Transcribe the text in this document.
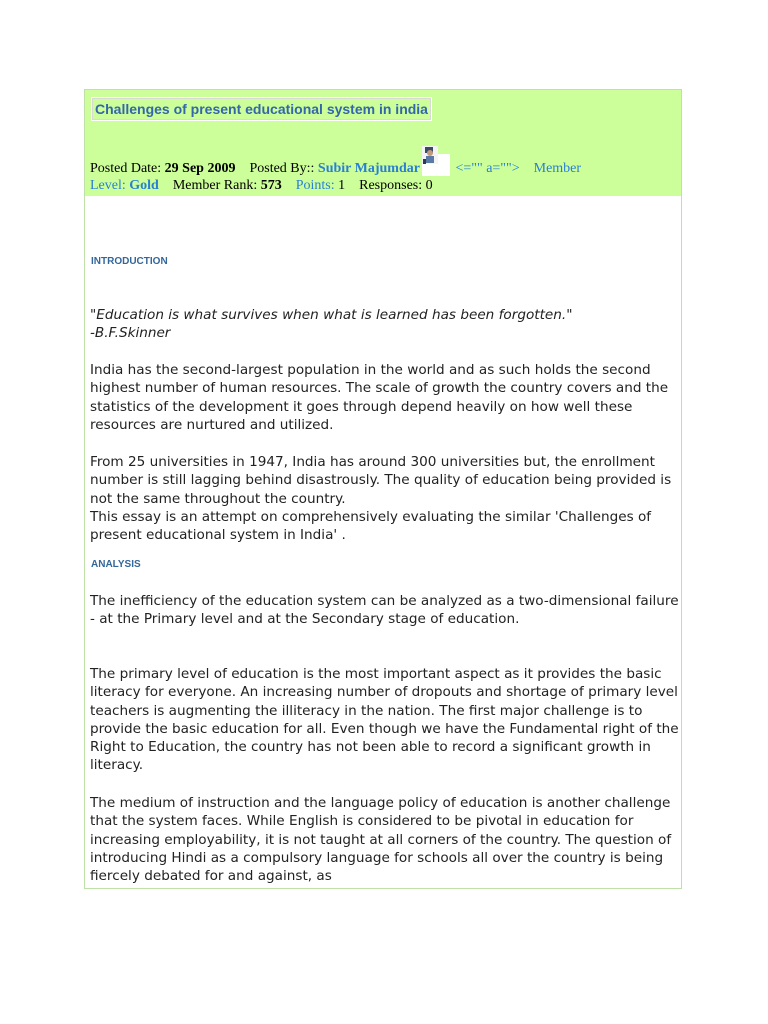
Challenges of present educational system in india
Posted Date: 29 Sep 2009 Posted By:: Subir Majumdar	<="" a=""> Member
Level: Gold Member Rank: 573 Points: 1 Responses: 0
INTRODUCTION
"Education is what survives when what is learned has been forgotten."
-B.F.Skinner

India has the second-largest population in the world and as such holds the second highest number of human resources. The scale of growth the country covers and the statistics of the development it goes through depend heavily on how well these resources are nurtured and utilized.

From 25 universities in 1947, India has around 300 universities but, the enrollment number is still lagging behind disastrously. The quality of education being provided is not the same throughout the country.
This essay is an attempt on comprehensively evaluating the similar 'Challenges of present educational system in India' .
ANALYSIS

The inefficiency of the education system can be analyzed as a two-dimensional failure - at the Primary level and at the Secondary stage of education.

The primary level of education is the most important aspect as it provides the basic literacy for everyone. An increasing number of dropouts and shortage of primary level teachers is augmenting the illiteracy in the nation. The first major challenge is to provide the basic education for all. Even though we have the Fundamental right of the Right to Education, the country has not been able to record a significant growth in literacy.

The medium of instruction and the language policy of education is another challenge that the system faces. While English is considered to be pivotal in education for increasing employability, it is not taught at all corners of the country. The question of introducing Hindi as a compulsory language for schools all over the country is being fiercely debated for and against, as
